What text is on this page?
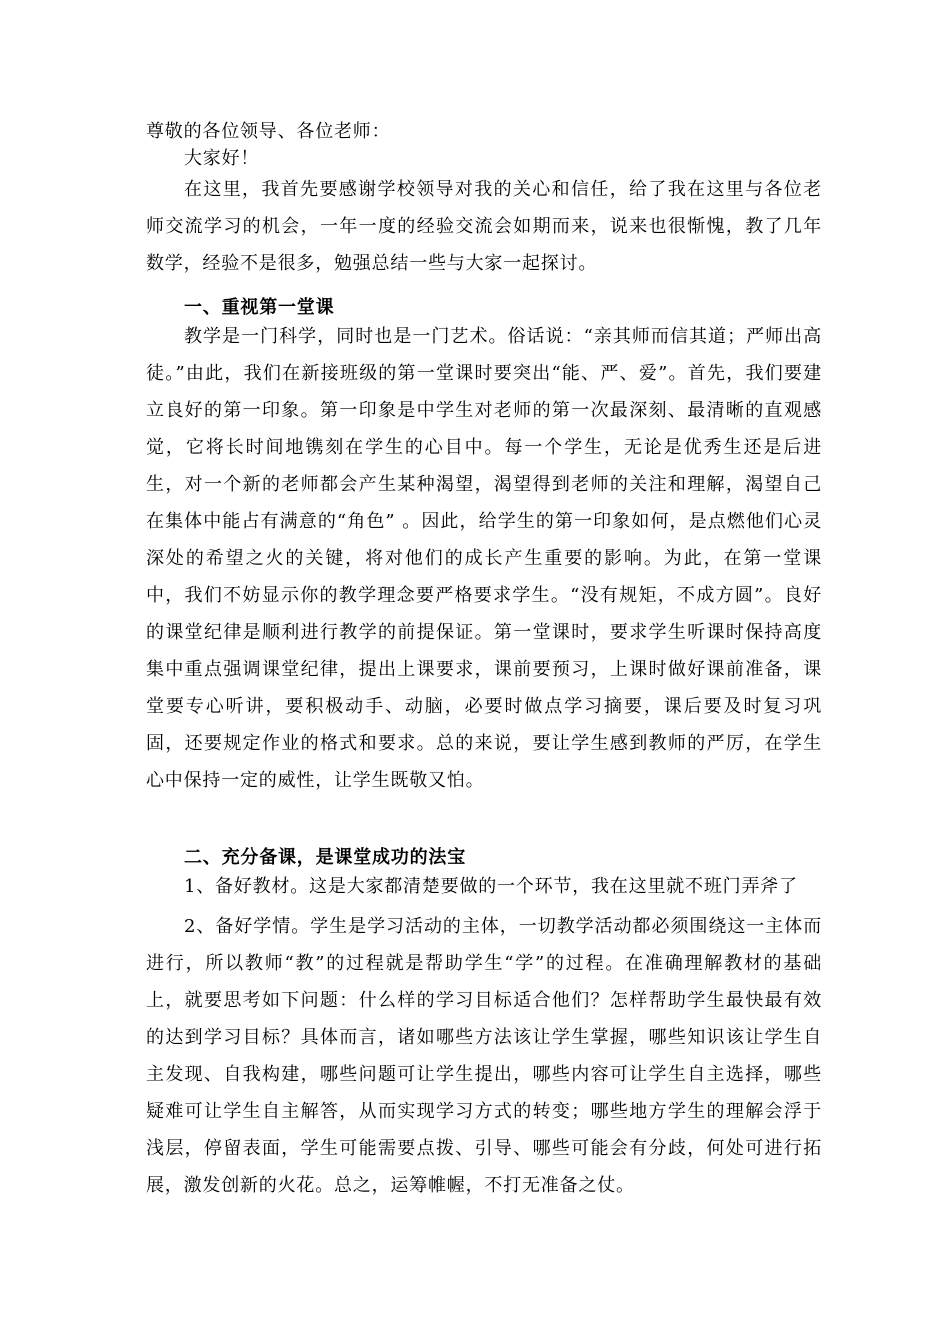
尊敬的各位领导、各位老师：
大家好！
在这里，我首先要感谢学校领导对我的关心和信任，给了我在这里与各位老师交流学习的机会，一年一度的经验交流会如期而来，说来也很惭愧，教了几年数学，经验不是很多，勉强总结一些与大家一起探讨。
一、重视第一堂课
教学是一门科学，同时也是一门艺术。俗话说：“亲其师而信其道；严师出高徒。”由此，我们在新接班级的第一堂课时要突出“能、严、爱”。首先，我们要建立良好的第一印象。第一印象是中学生对老师的第一次最深刻、最清晰的直观感觉，它将长时间地镌刻在学生的心目中。每一个学生，无论是优秀生还是后进生，对一个新的老师都会产生某种渴望，渴望得到老师的关注和理解，渴望自己在集体中能占有满意的“角色” 。因此，给学生的第一印象如何，是点燃他们心灵深处的希望之火的关键，将对他们的成长产生重要的影响。为此，在第一堂课中，我们不妨显示你的教学理念要严格要求学生。“没有规矩，不成方圆”。良好的课堂纪律是顺利进行教学的前提保证。第一堂课时，要求学生听课时保持高度集中重点强调课堂纪律，提出上课要求，课前要预习，上课时做好课前准备，课堂要专心听讲，要积极动手、动脑，必要时做点学习摘要，课后要及时复习巩固，还要规定作业的格式和要求。总的来说，要让学生感到教师的严厉，在学生心中保持一定的威性，让学生既敬又怕。
二、充分备课，是课堂成功的法宝
1、备好教材。这是大家都清楚要做的一个环节，我在这里就不班门弄斧了
2、备好学情。学生是学习活动的主体，一切教学活动都必须围绕这一主体而进行，所以教师“教”的过程就是帮助学生“学”的过程。在准确理解教材的基础上，就要思考如下问题：什么样的学习目标适合他们？怎样帮助学生最快最有效的达到学习目标？具体而言，诸如哪些方法该让学生掌握，哪些知识该让学生自主发现、自我构建，哪些问题可让学生提出，哪些内容可让学生自主选择，哪些疑难可让学生自主解答，从而实现学习方式的转变；哪些地方学生的理解会浮于浅层，停留表面，学生可能需要点拨、引导、哪些可能会有分歧，何处可进行拓展，激发创新的火花。总之，运筹帷幄，不打无准备之仗。
